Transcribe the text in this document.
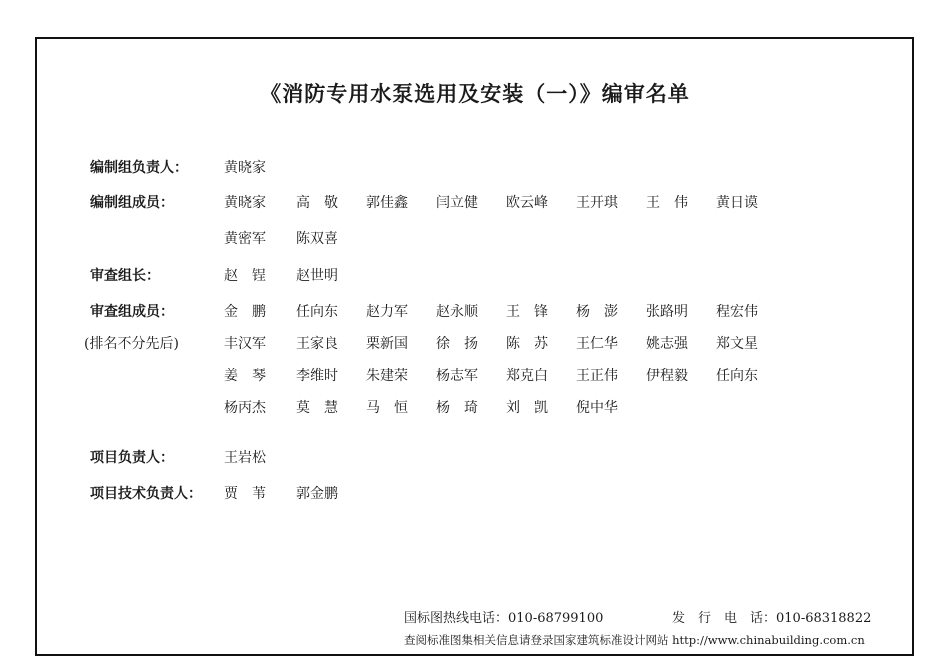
《消防专用水泵选用及安装（一）》编审名单
编制组负责人：	黄晓家
编制组成员：	黄晓家 高　敬 郭佳鑫 闫立健 欧云峰 王开琪 王　伟 黄日谟
黄密军 陈双喜
审查组长：	赵　锃 赵世明
审查组成员：
(排名不分先后)
金　鹏 任向东 赵力军 赵永顺 王　锋 杨　澎 张路明 程宏伟
丰汉军 王家良 栗新国 徐　扬 陈　苏 王仁华 姚志强 郑文星
姜　琴 李维时 朱建荣 杨志军 郑克白 王正伟 伊程毅 任向东
杨丙杰 莫　慧 马　恒 杨　琦 刘　凯 倪中华
项目负责人：	王岩松
项目技术负责人： 贾　苇 郭金鹏
国标图热线电话：010-68799100	发　行　电　话：010-68318822
查阅标准图集相关信息请登录国家建筑标准设计网站 http://www.chinabuilding.com.cn
